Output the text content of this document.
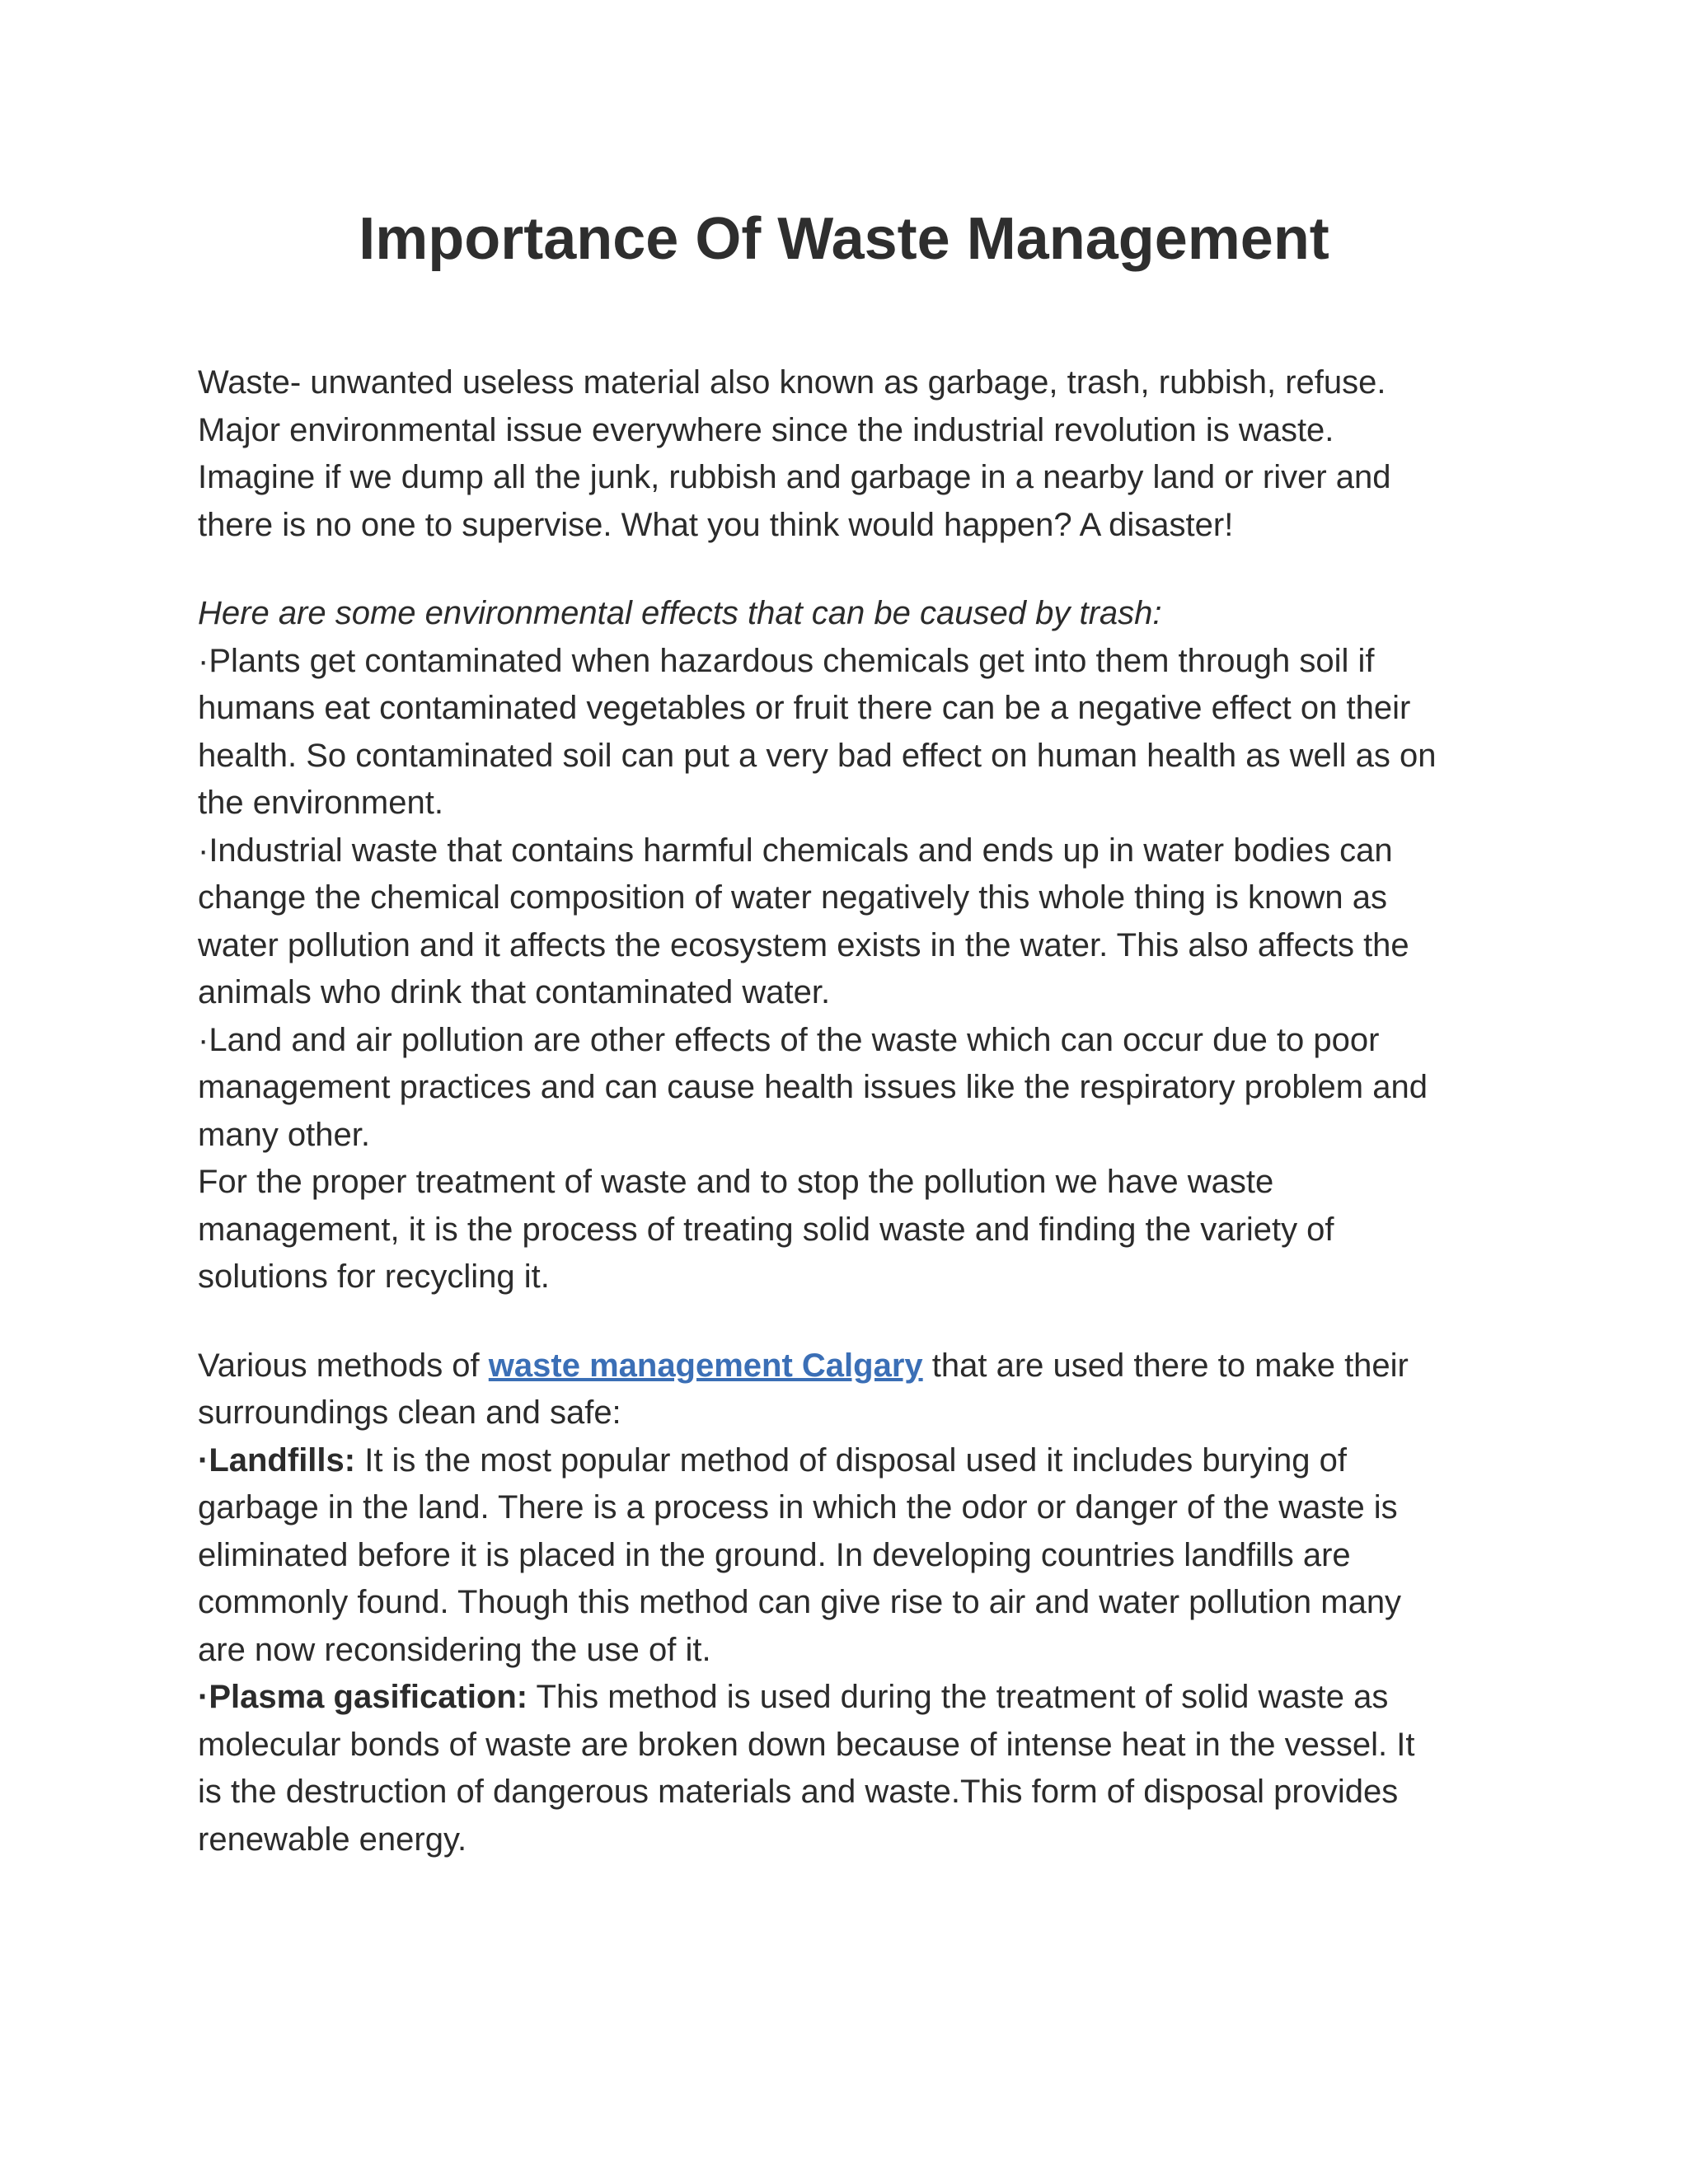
Importance Of Waste Management

Waste- unwanted useless material also known as garbage, trash, rubbish, refuse.

Major environmental issue everywhere since the industrial revolution is waste.

Imagine if we dump all the junk, rubbish and garbage in a nearby land or river and

there is no one to supervise. What you think would happen? A disaster!

Here are some environmental effects that can be caused by trash:

·Plants get contaminated when hazardous chemicals get into them through soil if

humans eat contaminated vegetables or fruit there can be a negative effect on their

health. So contaminated soil can put a very bad effect on human health as well as on

the environment.

·Industrial waste that contains harmful chemicals and ends up in water bodies can

change the chemical composition of water negatively this whole thing is known as

water pollution and it affects the ecosystem exists in the water. This also affects the

animals who drink that contaminated water.

·Land and air pollution are other effects of the waste which can occur due to poor

management practices and can cause health issues like the respiratory problem and

many other.

For the proper treatment of waste and to stop the pollution we have waste

management, it is the process of treating solid waste and finding the variety of

solutions for recycling it.

Various methods of waste management Calgary that are used there to make their

surroundings clean and safe:

·Landfills: It is the most popular method of disposal used it includes burying of

garbage in the land. There is a process in which the odor or danger of the waste is

eliminated before it is placed in the ground. In developing countries landfills are

commonly found. Though this method can give rise to air and water pollution many

are now reconsidering the use of it.

·Plasma gasification: This method is used during the treatment of solid waste as

molecular bonds of waste are broken down because of intense heat in the vessel. It

is the destruction of dangerous materials and waste.This form of disposal provides

renewable energy.
